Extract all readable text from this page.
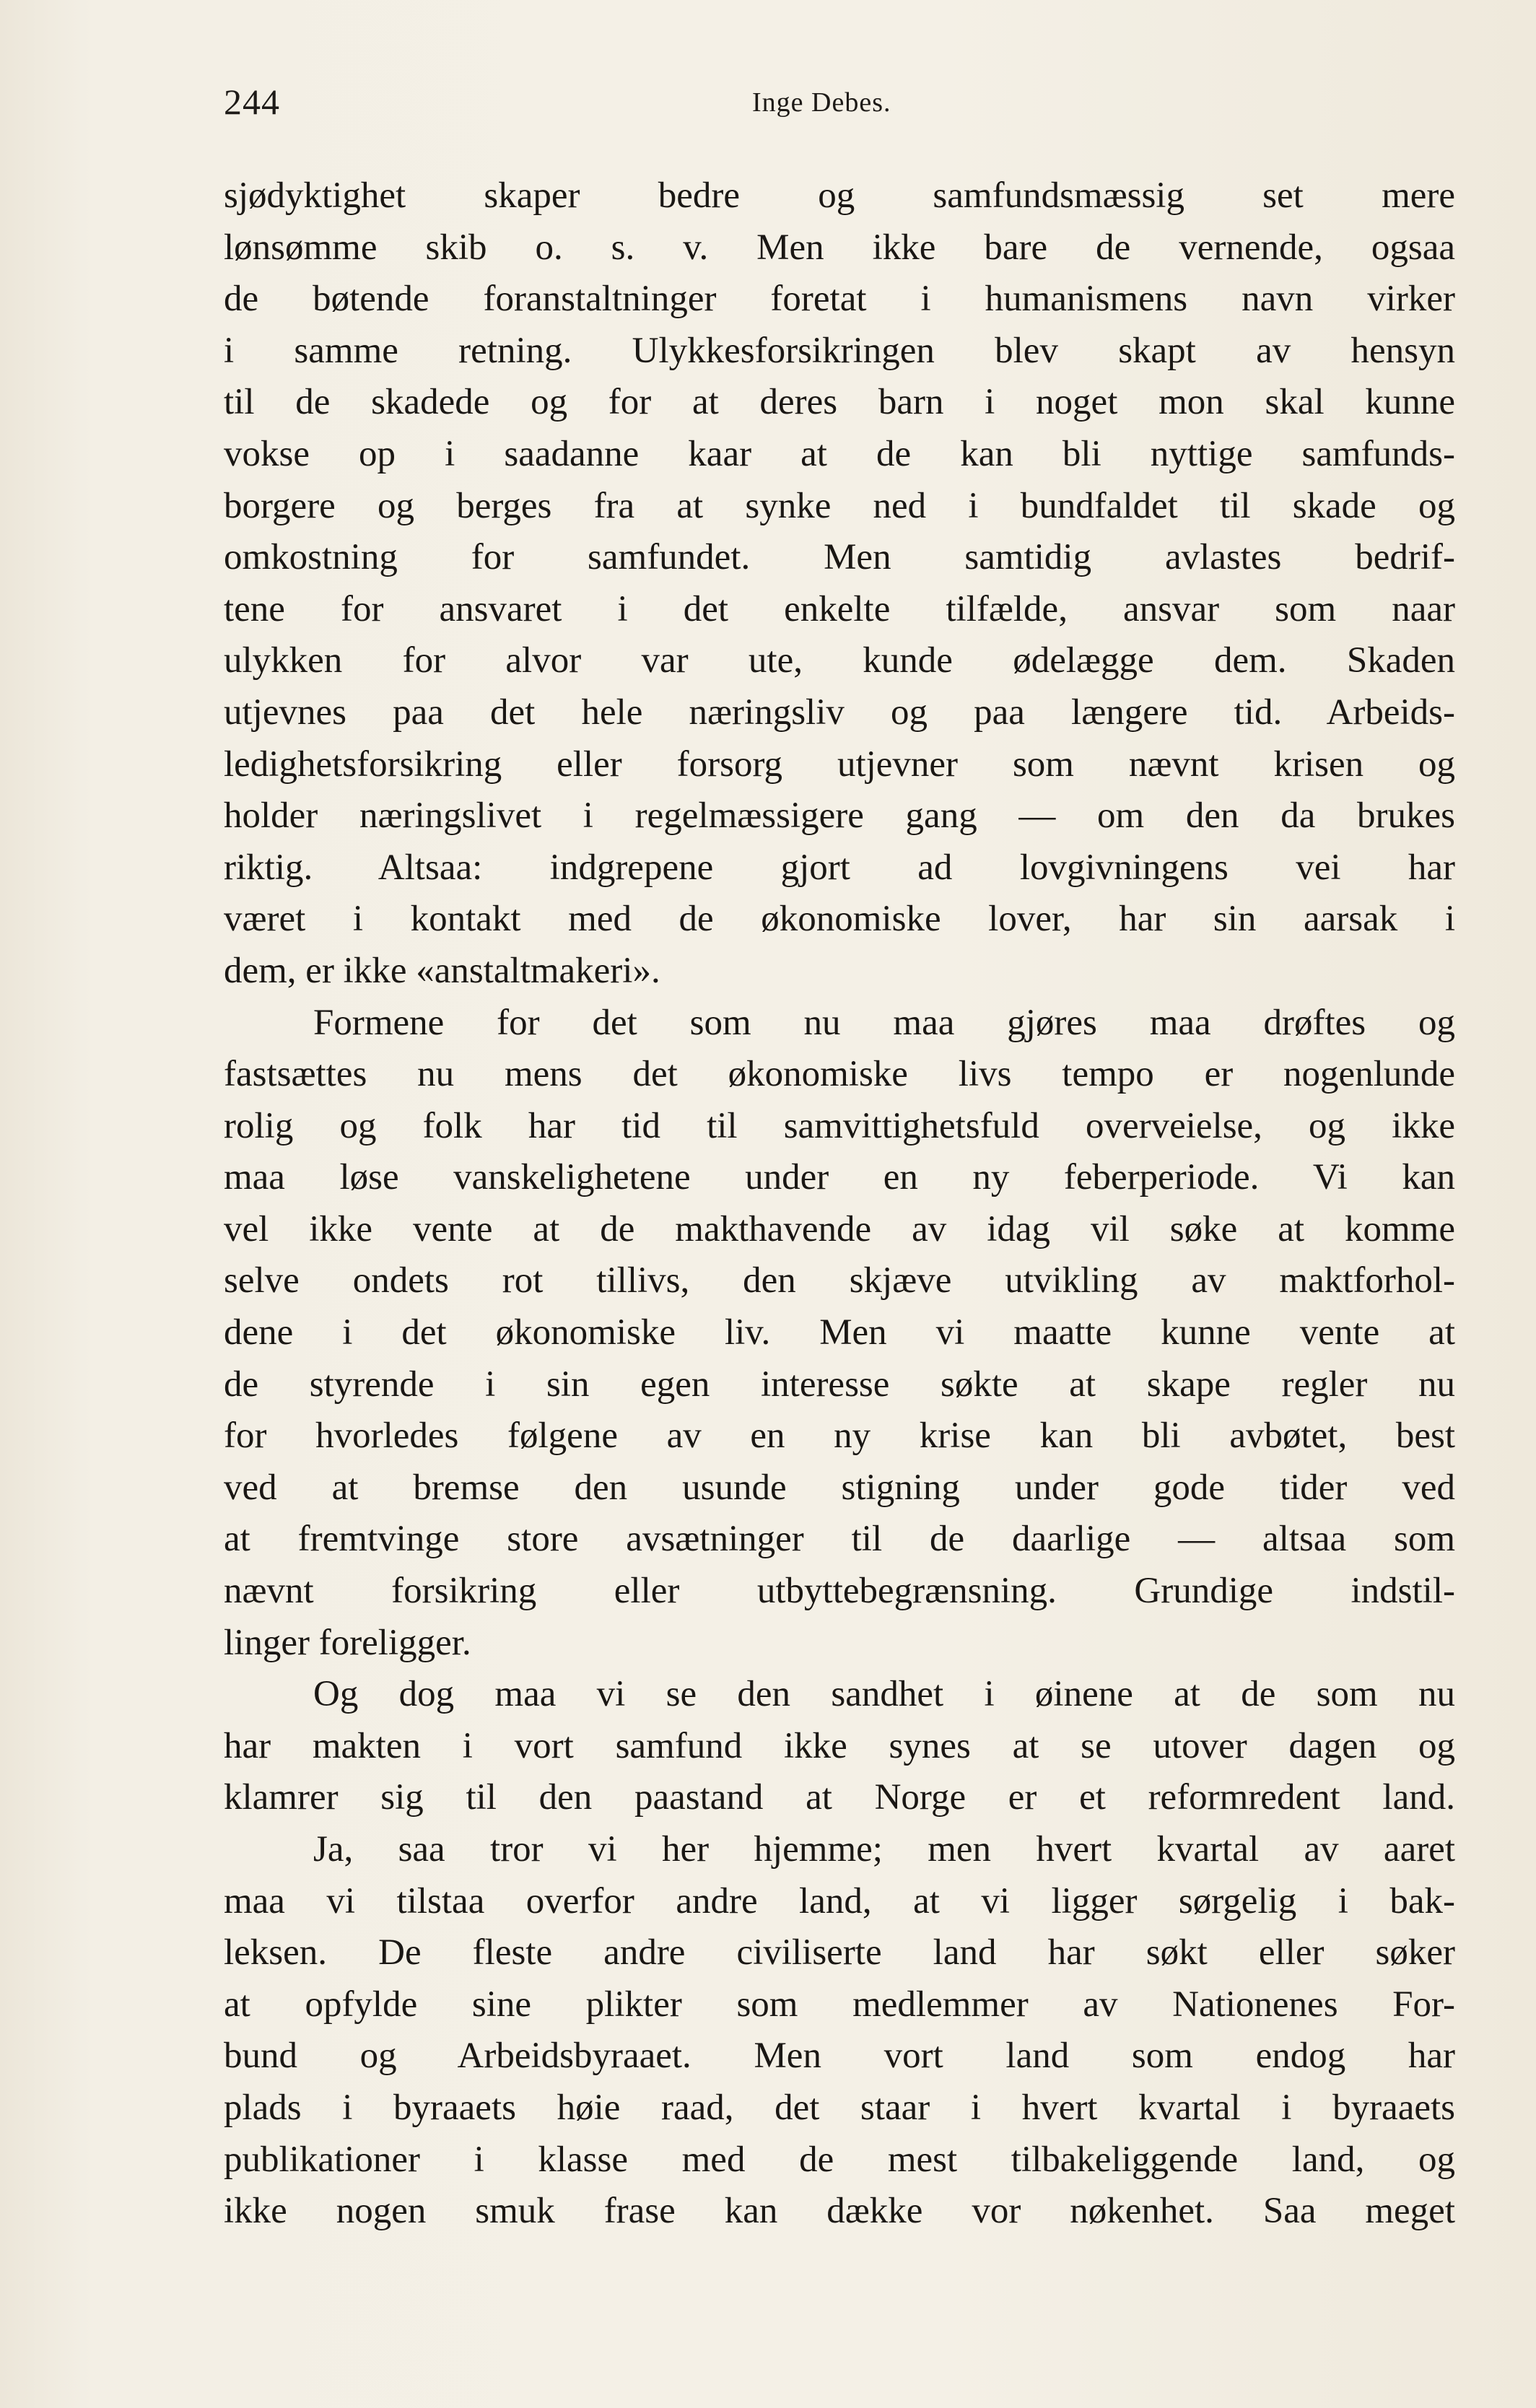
244	Inge Debes.
sjødyktighet skaper bedre og samfundsmæssig set mere
lønsømme skib o. s. v. Men ikke bare de vernende, ogsaa
de bøtende foranstaltninger foretat i humanismens navn virker
i samme retning. Ulykkesforsikringen blev skapt av hensyn
til de skadede og for at deres barn i noget mon skal kunne
vokse op i saadanne kaar at de kan bli nyttige samfunds-
borgere og berges fra at synke ned i bundfaldet til skade og
omkostning for samfundet. Men samtidig avlastes bedrif-
tene for ansvaret i det enkelte tilfælde, ansvar som naar
ulykken for alvor var ute, kunde ødelægge dem. Skaden
utjevnes paa det hele næringsliv og paa længere tid. Arbeids-
ledighetsforsikring eller forsorg utjevner som nævnt krisen og
holder næringslivet i regelmæssigere gang — om den da brukes
riktig. Altsaa: indgrepene gjort ad lovgivningens vei har
været i kontakt med de økonomiske lover, har sin aarsak i
dem, er ikke «anstaltmakeri».
Formene for det som nu maa gjøres maa drøftes og
fastsættes nu mens det økonomiske livs tempo er nogenlunde
rolig og folk har tid til samvittighetsfuld overveielse, og ikke
maa løse vanskelighetene under en ny feberperiode. Vi kan
vel ikke vente at de makthavende av idag vil søke at komme
selve ondets rot tillivs, den skjæve utvikling av maktforhol-
dene i det økonomiske liv. Men vi maatte kunne vente at
de styrende i sin egen interesse søkte at skape regler nu
for hvorledes følgene av en ny krise kan bli avbøtet, best
ved at bremse den usunde stigning under gode tider ved
at fremtvinge store avsætninger til de daarlige — altsaa som
nævnt forsikring eller utbyttebegrænsning. Grundige indstil-
linger foreligger.
Og dog maa vi se den sandhet i øinene at de som nu
har makten i vort samfund ikke synes at se utover dagen og
klamrer sig til den paastand at Norge er et reformredent land.
Ja, saa tror vi her hjemme; men hvert kvartal av aaret
maa vi tilstaa overfor andre land, at vi ligger sørgelig i bak-
leksen. De fleste andre civiliserte land har søkt eller søker
at opfylde sine plikter som medlemmer av Nationenes For-
bund og Arbeidsbyraaet. Men vort land som endog har
plads i byraaets høie raad, det staar i hvert kvartal i byraaets
publikationer i klasse med de mest tilbakeliggende land, og
ikke nogen smuk frase kan dække vor nøkenhet. Saa meget
